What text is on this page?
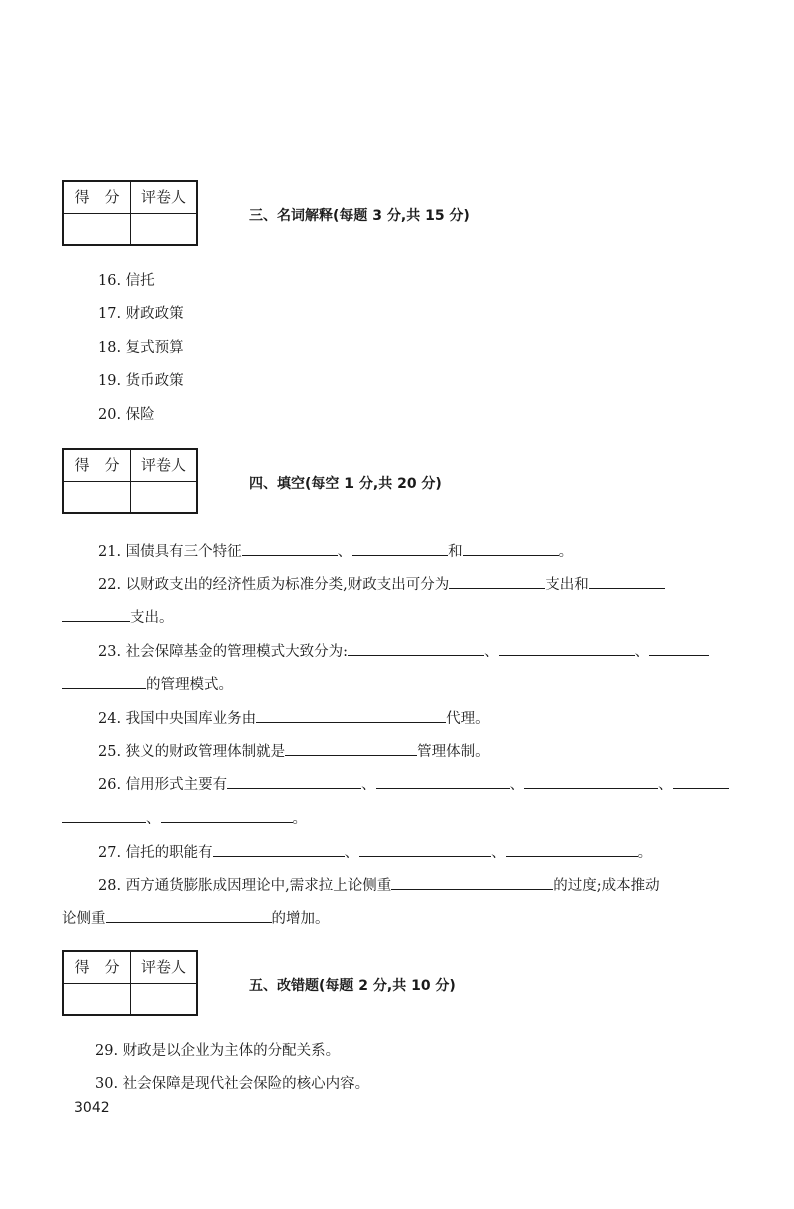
得　分	评卷人
三、名词解释(每题 3 分,共 15 分)
16. 信托
17. 财政政策
18. 复式预算
19. 货币政策
20. 保险
得　分	评卷人
四、填空(每空 1 分,共 20 分)
21. 国债具有三个特征	、	和	。
22. 以财政支出的经济性质为标准分类,财政支出可分为	支出和
支出。
23. 社会保障基金的管理模式大致分为:	、	、
的管理模式。
24. 我国中央国库业务由	代理。
25. 狭义的财政管理体制就是	管理体制。
26. 信用形式主要有	、	、	、
、	。
27. 信托的职能有	、	、	。
28. 西方通货膨胀成因理论中,需求拉上论侧重	的过度;成本推动
论侧重	的增加。
得　分	评卷人
五、改错题(每题 2 分,共 10 分)
29. 财政是以企业为主体的分配关系。
30. 社会保障是现代社会保险的核心内容。
3042
